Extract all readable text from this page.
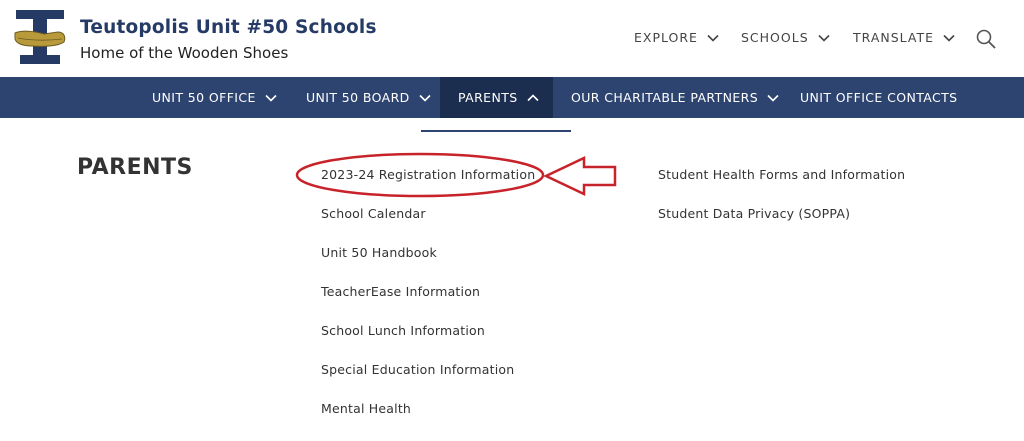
Teutopolis Unit #50 Schools
Home of the Wooden Shoes
EXPLORE	SCHOOLS	TRANSLATE
UNIT 50 OFFICE	UNIT 50 BOARD	PARENTS	OUR CHARITABLE PARTNERS	UNIT OFFICE CONTACTS
PARENTS	2023-24 Registration Information
School Calendar
Unit 50 Handbook
TeacherEase Information
School Lunch Information
Special Education Information
Mental Health
Student Health Forms and Information
Student Data Privacy (SOPPA)
